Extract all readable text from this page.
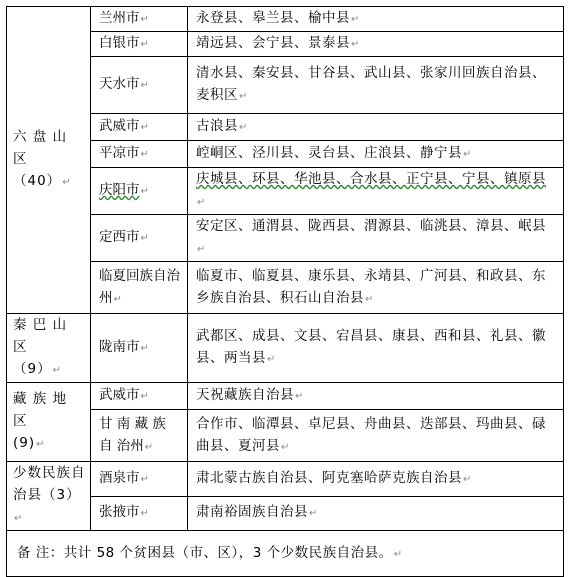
六 盘 山 区
（40）↵	兰州市↵	永登县、皋兰县、榆中县↵
	白银市↵	靖远县、会宁县、景泰县↵
	天水市↵	清水县、秦安县、甘谷县、武山县、张家川回族自治县、麦积区↵
	武威市↵	古浪县↵
	平凉市↵	崆峒区、泾川县、灵台县、庄浪县、静宁县↵
	庆阳市↵	庆城县、环县、华池县、合水县、正宁县、宁县、镇原县↵
	定西市↵	安定区、通渭县、陇西县、渭源县、临洮县、漳县、岷县↵
	临夏回族自治州↵	临夏市、临夏县、康乐县、永靖县、广河县、和政县、东乡族自治县、积石山自治县↵
秦 巴 山 区
（9）↵	陇南市↵	武都区、成县、文县、宕昌县、康县、西和县、礼县、徽县、两当县↵
藏 族 地 区
(9)↵	武威市↵	天祝藏族自治县↵
	甘 南 藏 族 自 治州↵	合作市、临潭县、卓尼县、舟曲县、迭部县、玛曲县、碌曲县、夏河县↵
少数民族自治县（3）↵	酒泉市↵	肃北蒙古族自治县、阿克塞哈萨克族自治县↵
	张掖市↵	肃南裕固族自治县↵
备 注：共计 58 个贫困县（市、区），3 个少数民族自治县。↵		
